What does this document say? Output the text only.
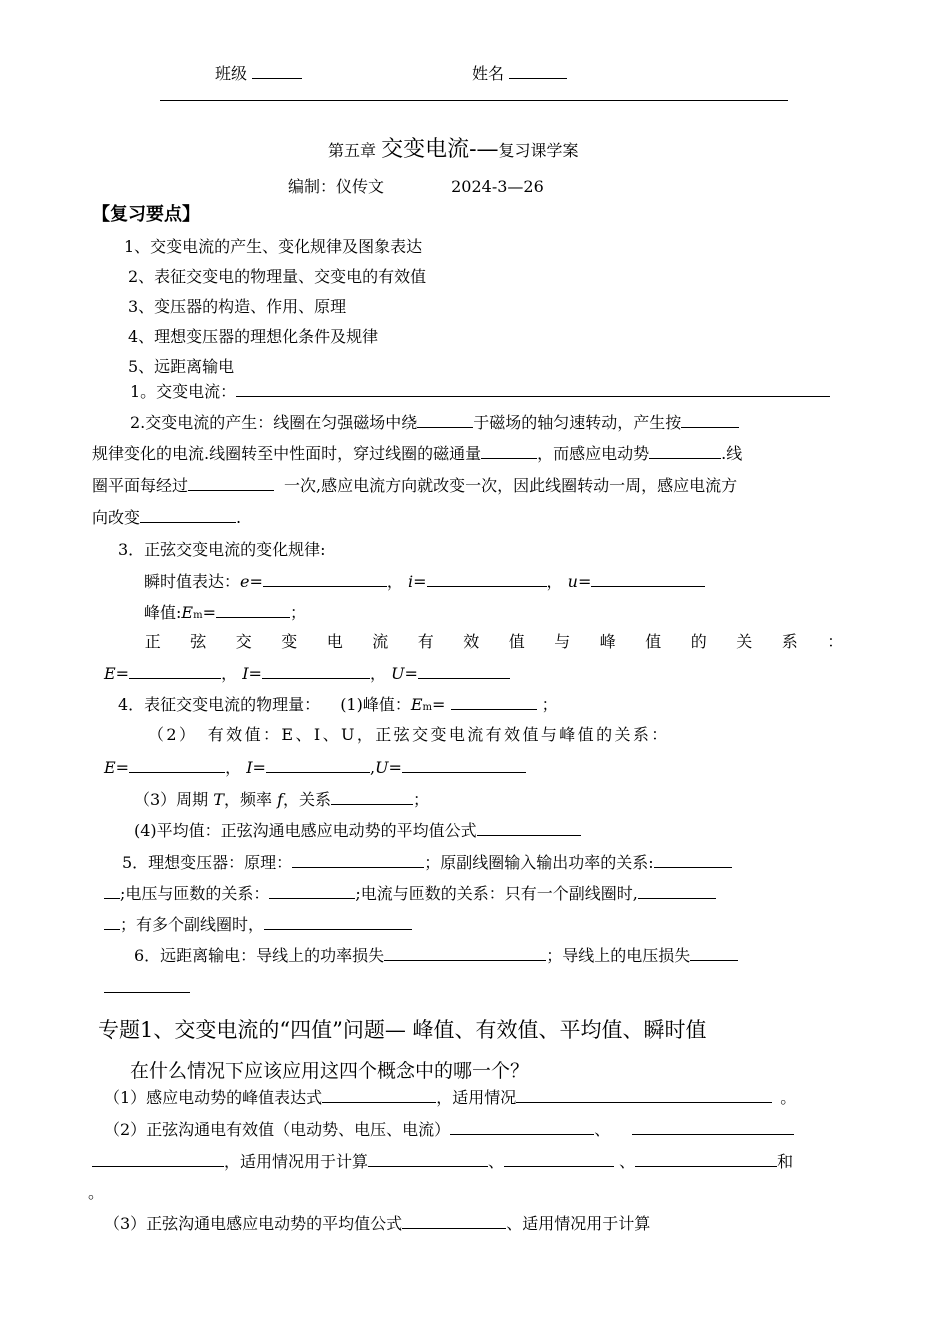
班级	姓名
第五章 交变电流-—复习课学案
编制：仪传文	2024-3—26
【复习要点】
1、交变电流的产生、变化规律及图象表达
2、表征交变电的物理量、交变电的有效值
3、变压器的构造、作用、原理
4、理想变压器的理想化条件及规律
5、远距离输电
1。交变电流：
2.交变电流的产生：线圈在匀强磁场中绕	于磁场的轴匀速转动，产生按
规律变化的电流.线圈转至中性面时，穿过线圈的磁通量	，而感应电动势	.线
圈平面每经过	一次,感应电流方向就改变一次，因此线圈转动一周，感应电流方
向改变	.
3．正弦交变电流的变化规律:
瞬时值表达：e=	， i=	， u=
峰值:Em=	；
正 弦 交 变 电 流 有 效 值 与 峰 值 的 关 系 ：
E=	， I=	， U=
4．表征交变电流的物理量： (1)峰值：Em=	；
（2）　有效值：E、I、U，正弦交变电流有效值与峰值的关系：
E=	， I=	,U=
（3）周期 T，频率 f，关系	；
(4)平均值：正弦沟通电感应电动势的平均值公式
5．理想变压器：原理：	；原副线圈输入输出功率的关系:
;电压与匝数的关系：	;电流与匝数的关系：只有一个副线圈时,
；有多个副线圈时，
6．远距离输电：导线上的功率损失	；导线上的电压损失
专题1、交变电流的“四值”问题— 峰值、有效值、平均值、瞬时值
在什么情况下应该应用这四个概念中的哪一个？
（1）感应电动势的峰值表达式	，适用情况	。
（2）正弦沟通电有效值（电动势、电压、电流）	、
，适用情况用于计算	、	、	和
。
（3）正弦沟通电感应电动势的平均值公式	、适用情况用于计算
